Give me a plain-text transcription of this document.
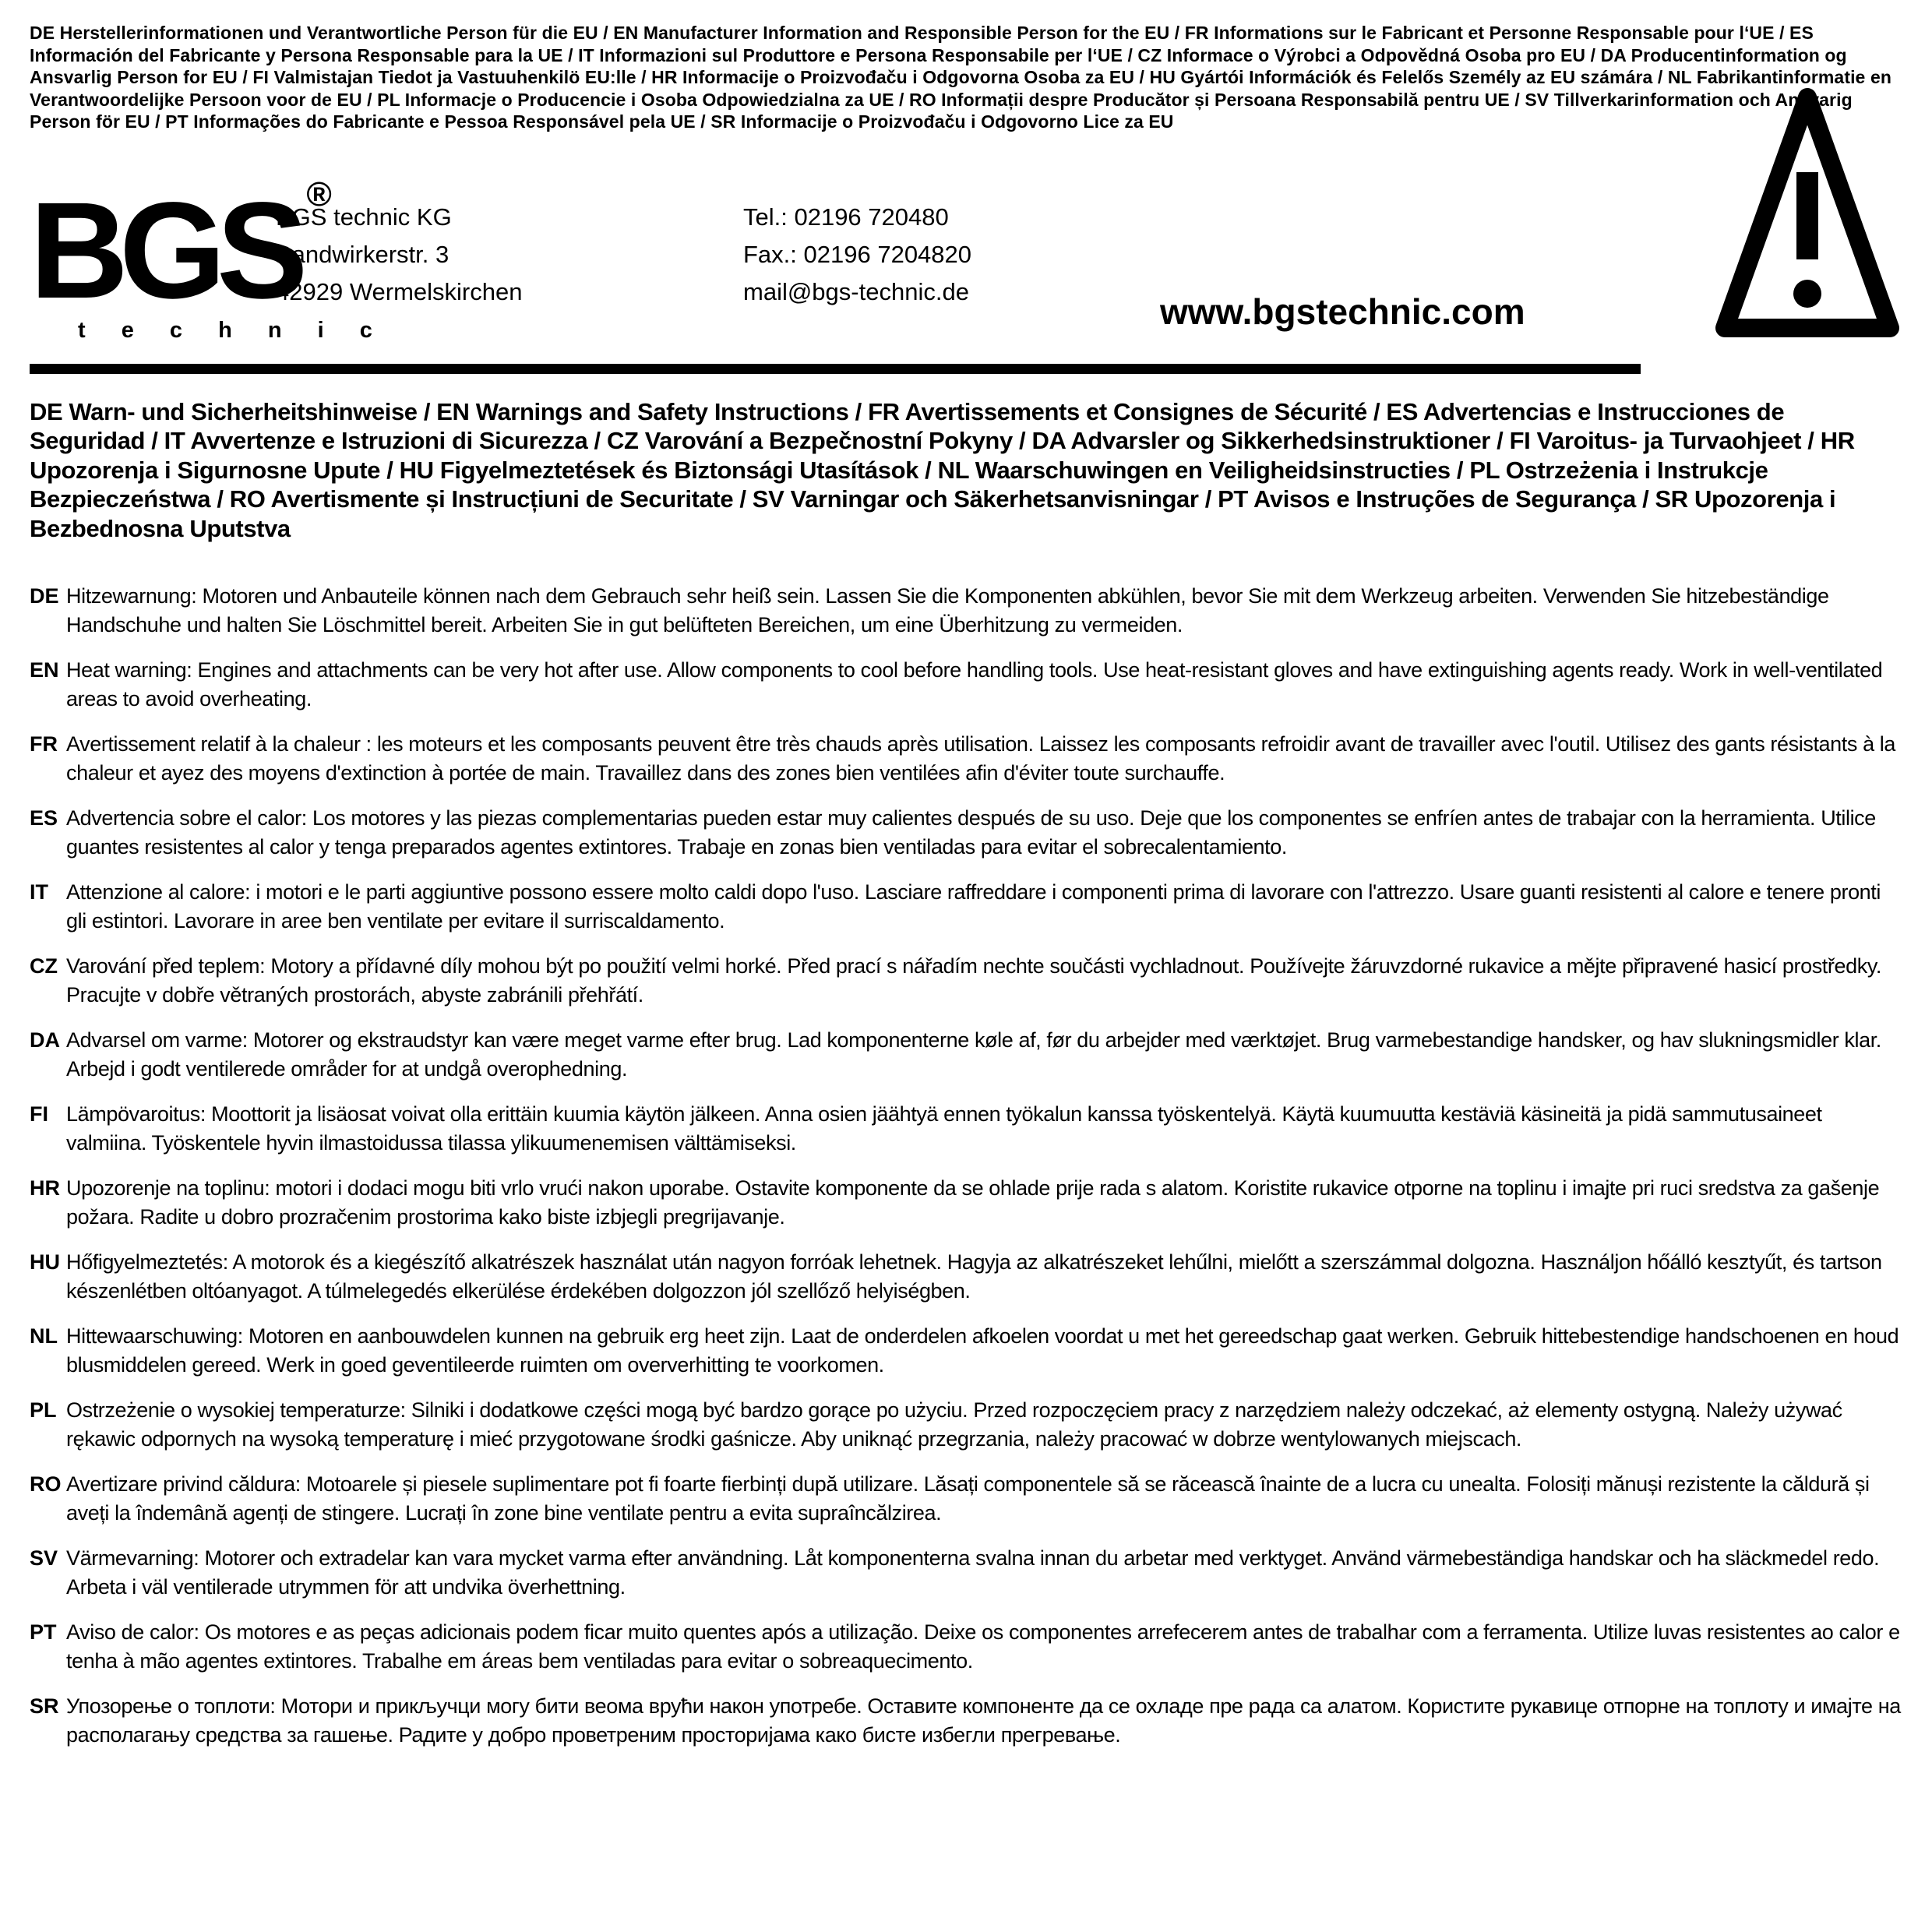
DE Herstellerinformationen und Verantwortliche Person für die EU / EN Manufacturer Information and Responsible Person for the EU / FR Informations sur le Fabricant et Personne Responsable pour l‘UE / ES Información del Fabricante y Persona Responsable para la UE / IT Informazioni sul Produttore e Persona Responsabile per l‘UE / CZ Informace o Výrobci a Odpovědná Osoba pro EU / DA Producentinformation og Ansvarlig Person for EU / FI Valmistajan Tiedot ja Vastuuhenkilö EU:lle / HR Informacije o Proizvođaču i Odgovorna Osoba za EU / HU Gyártói Információk és Felelős Személy az EU számára / NL Fabrikantinformatie en Verantwoordelijke Persoon voor de EU / PL Informacje o Producencie i Osoba Odpowiedzialna za UE / RO Informații despre Producător și Persoana Responsabilă pentru UE / SV Tillverkarinformation och Ansvarig Person för EU / PT Informações do Fabricante e Pessoa Responsável pela UE / SR Informacije o Proizvođaču i Odgovorno Lice za EU

BGS ®
t e c h n i c
BGS technic KG
Bandwirkerstr. 3
42929 Wermelskirchen
Tel.: 02196 720480
Fax.: 02196 7204820
mail@bgs-technic.de	www.bgstechnic.com

DE Warn- und Sicherheitshinweise / EN Warnings and Safety Instructions / FR Avertissements et Consignes de Sécurité / ES Advertencias e Instrucciones de Seguridad / IT Avvertenze e Istruzioni di Sicurezza / CZ Varování a Bezpečnostní Pokyny / DA Advarsler og Sikkerhedsinstruktioner / FI Varoitus- ja Turvaohjeet / HR Upozorenja i Sigurnosne Upute / HU Figyelmeztetések és Biztonsági Utasítások / NL Waarschuwingen en Veiligheidsinstructies / PL Ostrzeżenia i Instrukcje Bezpieczeństwa / RO Avertismente și Instrucțiuni de Securitate / SV Varningar och Säkerhetsanvisningar / PT Avisos e Instruções de Segurança / SR Upozorenja i Bezbednosna Uputstva

DE Hitzewarnung: Motoren und Anbauteile können nach dem Gebrauch sehr heiß sein. Lassen Sie die Komponenten abkühlen, bevor Sie mit dem Werkzeug arbeiten. Verwenden Sie hitzebeständige Handschuhe und halten Sie Löschmittel bereit. Arbeiten Sie in gut belüfteten Bereichen, um eine Überhitzung zu vermeiden.
EN Heat warning: Engines and attachments can be very hot after use. Allow components to cool before handling tools. Use heat-resistant gloves and have extinguishing agents ready. Work in well-ventilated areas to avoid overheating.
FR Avertissement relatif à la chaleur : les moteurs et les composants peuvent être très chauds après utilisation. Laissez les composants refroidir avant de travailler avec l'outil. Utilisez des gants résistants à la chaleur et ayez des moyens d'extinction à portée de main. Travaillez dans des zones bien ventilées afin d'éviter toute surchauffe.
ES Advertencia sobre el calor: Los motores y las piezas complementarias pueden estar muy calientes después de su uso. Deje que los componentes se enfríen antes de trabajar con la herramienta. Utilice guantes resistentes al calor y tenga preparados agentes extintores. Trabaje en zonas bien ventiladas para evitar el sobrecalentamiento.
IT Attenzione al calore: i motori e le parti aggiuntive possono essere molto caldi dopo l'uso. Lasciare raffreddare i componenti prima di lavorare con l'attrezzo. Usare guanti resistenti al calore e tenere pronti gli estintori. Lavorare in aree ben ventilate per evitare il surriscaldamento.
CZ Varování před teplem: Motory a přídavné díly mohou být po použití velmi horké. Před prací s nářadím nechte součásti vychladnout. Používejte žáruvzdorné rukavice a mějte připravené hasicí prostředky. Pracujte v dobře větraných prostorách, abyste zabránili přehřátí.
DA Advarsel om varme: Motorer og ekstraudstyr kan være meget varme efter brug. Lad komponenterne køle af, før du arbejder med værktøjet. Brug varmebestandige handsker, og hav slukningsmidler klar. Arbejd i godt ventilerede områder for at undgå overophedning.
FI Lämpövaroitus: Moottorit ja lisäosat voivat olla erittäin kuumia käytön jälkeen. Anna osien jäähtyä ennen työkalun kanssa työskentelyä. Käytä kuumuutta kestäviä käsineitä ja pidä sammutusaineet valmiina. Työskentele hyvin ilmastoidussa tilassa ylikuumenemisen välttämiseksi.
HR Upozorenje na toplinu: motori i dodaci mogu biti vrlo vrući nakon uporabe. Ostavite komponente da se ohlade prije rada s alatom. Koristite rukavice otporne na toplinu i imajte pri ruci sredstva za gašenje požara. Radite u dobro prozračenim prostorima kako biste izbjegli pregrijavanje.
HU Hőfigyelmeztetés: A motorok és a kiegészítő alkatrészek használat után nagyon forróak lehetnek. Hagyja az alkatrészeket lehűlni, mielőtt a szerszámmal dolgozna. Használjon hőálló kesztyűt, és tartson készenlétben oltóanyagot. A túlmelegedés elkerülése érdekében dolgozzon jól szellőző helyiségben.
NL Hittewaarschuwing: Motoren en aanbouwdelen kunnen na gebruik erg heet zijn. Laat de onderdelen afkoelen voordat u met het gereedschap gaat werken. Gebruik hittebestendige handschoenen en houd blusmiddelen gereed. Werk in goed geventileerde ruimten om oververhitting te voorkomen.
PL Ostrzeżenie o wysokiej temperaturze: Silniki i dodatkowe części mogą być bardzo gorące po użyciu. Przed rozpoczęciem pracy z narzędziem należy odczekać, aż elementy ostygną. Należy używać rękawic odpornych na wysoką temperaturę i mieć przygotowane środki gaśnicze. Aby uniknąć przegrzania, należy pracować w dobrze wentylowanych miejscach.
RO Avertizare privind căldura: Motoarele și piesele suplimentare pot fi foarte fierbinți după utilizare. Lăsați componentele să se răcească înainte de a lucra cu unealta. Folosiți mănuși rezistente la căldură și aveți la îndemână agenți de stingere. Lucrați în zone bine ventilate pentru a evita supraîncălzirea.
SV Värmevarning: Motorer och extradelar kan vara mycket varma efter användning. Låt komponenterna svalna innan du arbetar med verktyget. Använd värmebeständiga handskar och ha släckmedel redo. Arbeta i väl ventilerade utrymmen för att undvika överhettning.
PT Aviso de calor: Os motores e as peças adicionais podem ficar muito quentes após a utilização. Deixe os componentes arrefecerem antes de trabalhar com a ferramenta. Utilize luvas resistentes ao calor e tenha à mão agentes extintores. Trabalhe em áreas bem ventiladas para evitar o sobreaquecimento.
SR Упозорење о топлоти: Мотори и прикључци могу бити веома врући након употребе. Оставите компоненте да се охладе пре рада са алатом. Користите рукавице отпорне на топлоту и имајте на располагању средства за гашење. Радите у добро проветреним просторијама како бисте избегли прегревање.
